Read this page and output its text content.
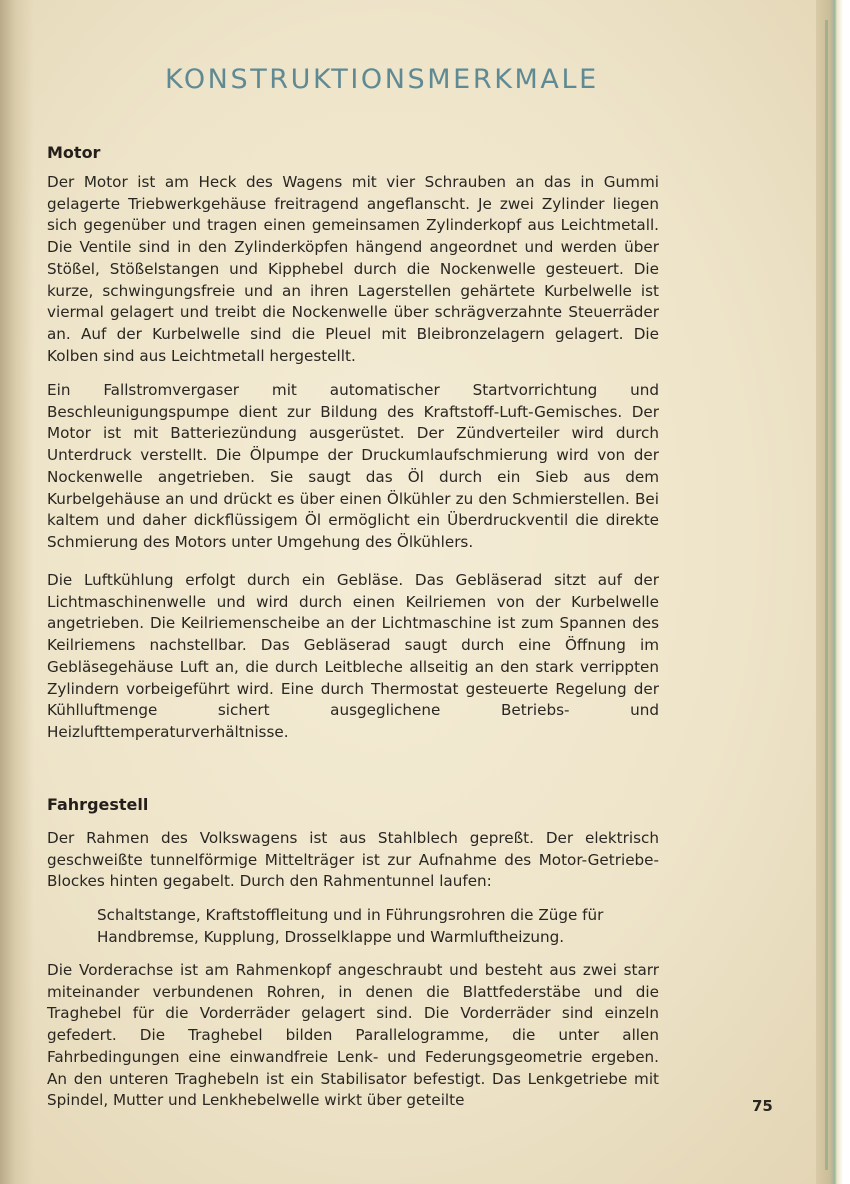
KONSTRUKTIONSMERKMALE
Motor

Der Motor ist am Heck des Wagens mit vier Schrauben an das in Gummi gelagerte Triebwerkgehäuse freitragend angeflanscht. Je zwei Zylinder liegen sich gegenüber und tragen einen gemeinsamen Zylinderkopf aus Leichtmetall. Die Ventile sind in den Zylinderköpfen hängend angeordnet und werden über Stößel, Stößelstangen und Kipphebel durch die Nockenwelle gesteuert. Die kurze, schwingungsfreie und an ihren Lagerstellen gehärtete Kurbelwelle ist viermal gelagert und treibt die Nockenwelle über schrägverzahnte Steuerräder an. Auf der Kurbelwelle sind die Pleuel mit Bleibronzelagern gelagert. Die Kolben sind aus Leichtmetall hergestellt.

Ein Fallstromvergaser mit automatischer Startvorrichtung und Beschleunigungspumpe dient zur Bildung des Kraftstoff-Luft-Gemisches. Der Motor ist mit Batteriezündung ausgerüstet. Der Zündverteiler wird durch Unterdruck verstellt. Die Ölpumpe der Druckumlaufschmierung wird von der Nockenwelle angetrieben. Sie saugt das Öl durch ein Sieb aus dem Kurbelgehäuse an und drückt es über einen Ölkühler zu den Schmierstellen. Bei kaltem und daher dickflüssigem Öl ermöglicht ein Überdruckventil die direkte Schmierung des Motors unter Umgehung des Ölkühlers.

Die Luftkühlung erfolgt durch ein Gebläse. Das Gebläserad sitzt auf der Lichtmaschinenwelle und wird durch einen Keilriemen von der Kurbelwelle angetrieben. Die Keilriemenscheibe an der Lichtmaschine ist zum Spannen des Keilriemens nachstellbar. Das Gebläserad saugt durch eine Öffnung im Gebläsegehäuse Luft an, die durch Leitbleche allseitig an den stark verrippten Zylindern vorbeigeführt wird. Eine durch Thermostat gesteuerte Regelung der Kühlluftmenge sichert ausgeglichene Betriebs- und Heizlufttemperaturverhältnisse.

Fahrgestell

Der Rahmen des Volkswagens ist aus Stahlblech gepreßt. Der elektrisch geschweißte tunnelförmige Mittelträger ist zur Aufnahme des Motor-Getriebe-Blockes hinten gegabelt. Durch den Rahmentunnel laufen:

Schaltstange, Kraftstoffleitung und in Führungsrohren die Züge für Handbremse, Kupplung, Drosselklappe und Warmluftheizung.

Die Vorderachse ist am Rahmenkopf angeschraubt und besteht aus zwei starr miteinander verbundenen Rohren, in denen die Blattfederstäbe und die Traghebel für die Vorderräder gelagert sind. Die Vorderräder sind einzeln gefedert. Die Traghebel bilden Parallelogramme, die unter allen Fahrbedingungen eine einwandfreie Lenk- und Federungsgeometrie ergeben. An den unteren Traghebeln ist ein Stabilisator befestigt. Das Lenkgetriebe mit Spindel, Mutter und Lenkhebelwelle wirkt über geteilte	75
